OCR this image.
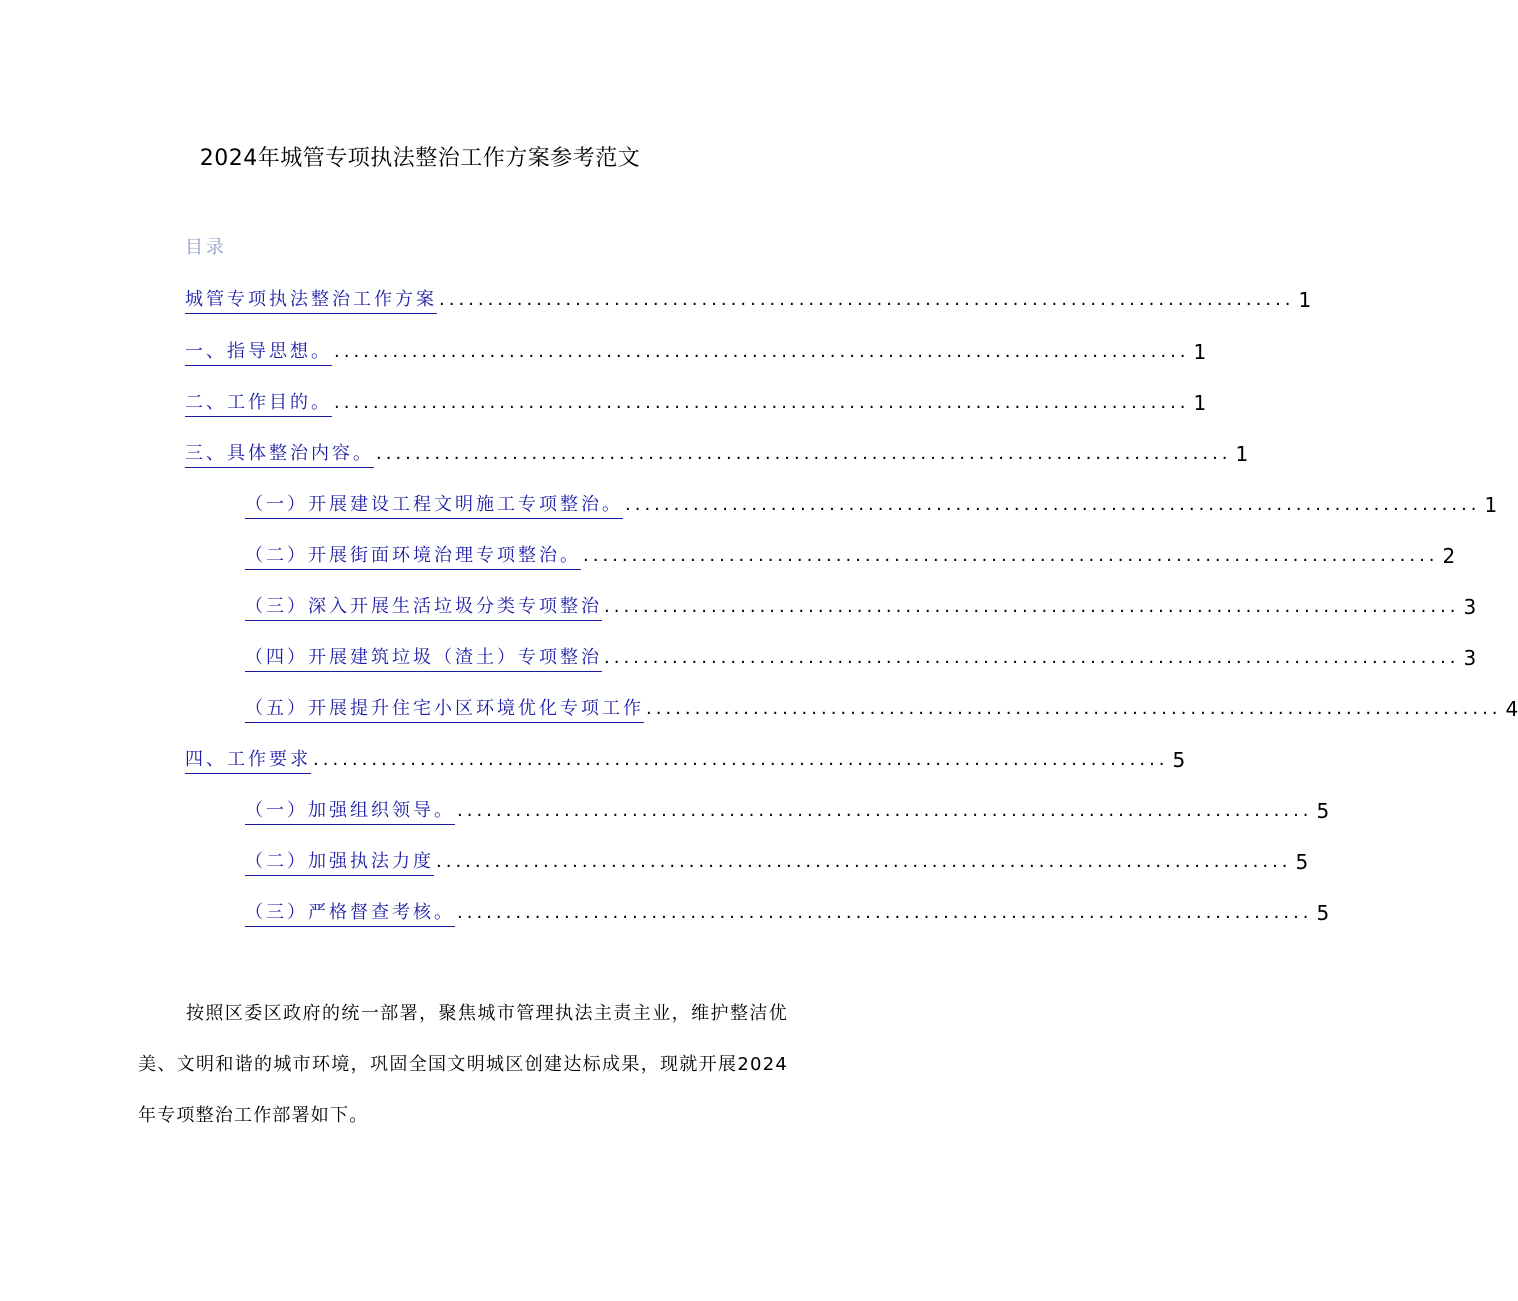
2024年城管专项执法整治工作方案参考范文
目录
城管专项执法整治工作方案 ........................................................................................ 1
一、指导思想。 ........................................................................................ 1
二、工作目的。 ........................................................................................ 1
三、具体整治内容。 ........................................................................................ 1
（一）开展建设工程文明施工专项整治。 ........................................................................................ 1
（二）开展街面环境治理专项整治。 ........................................................................................ 2
（三）深入开展生活垃圾分类专项整治 ........................................................................................ 3
（四）开展建筑垃圾（渣土）专项整治 ........................................................................................ 3
（五）开展提升住宅小区环境优化专项工作 ........................................................................................ 4
四、工作要求 ........................................................................................ 5
（一）加强组织领导。 ........................................................................................ 5
（二）加强执法力度 ........................................................................................ 5
（三）严格督查考核。 ........................................................................................ 5
按照区委区政府的统一部署，聚焦城市管理执法主责主业，维护整洁优美、文明和谐的城市环境，巩固全国文明城区创建达标成果，现就开展2024年专项整治工作部署如下。
